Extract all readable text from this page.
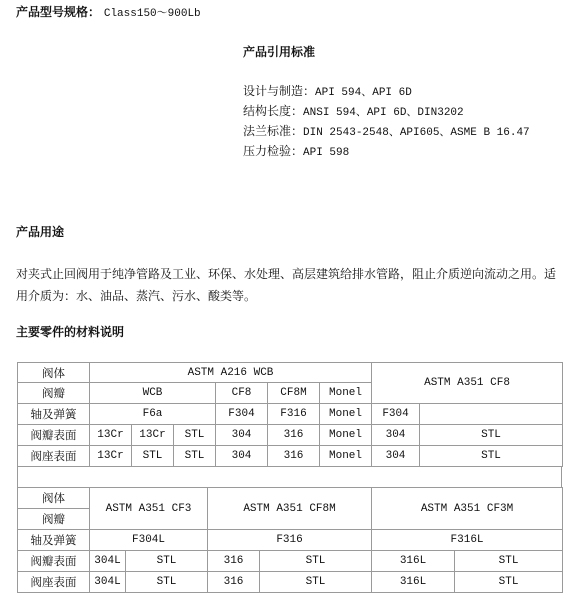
产品型号规格： Class150～900Lb
产品引用标准
设计与制造：API 594、API 6D
结构长度：ANSI 594、API 6D、DIN3202
法兰标准：DIN 2543-2548、API605、ASME B 16.47
压力检验：API 598
产品用途
对夹式止回阀用于纯净管路及工业、环保、水处理、高层建筑给排水管路，阻止介质逆向流动之用。适用介质为：水、油品、蒸汽、污水、酸类等。
主要零件的材料说明
阀体	ASTM A216 WCB						ASTM A351 CF8	
阀瓣	WCB			CF8	CF8M	Monel		
轴及弹簧	F6a			F304	F316	Monel	F304	
阀瓣表面	13Cr	13Cr	STL	304	316	Monel	304	STL
阀座表面	13Cr	STL	STL	304	316	Monel	304	STL
阀体	ASTM A351 CF3		ASTM A351 CF8M		ASTM A351 CF3M	
阀瓣						
轴及弹簧	F304L		F316		F316L	
阀瓣表面	304L	STL	316	STL	316L	STL
阀座表面	304L	STL	316	STL	316L	STL
